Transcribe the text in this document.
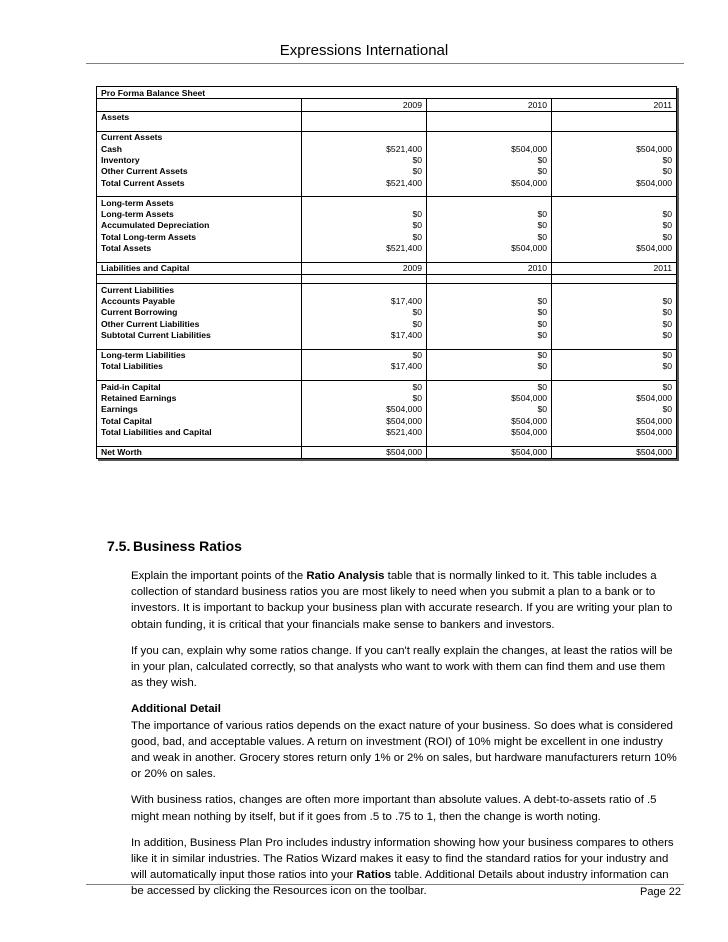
Expressions International
Pro Forma Balance Sheet			
	2009	2010	2011
Assets			

Current Assets			
Cash	$521,400	$504,000	$504,000
Inventory	$0	$0	$0
Other Current Assets	$0	$0	$0
Total Current Assets	$521,400	$504,000	$504,000

Long-term Assets			
Long-term Assets	$0	$0	$0
Accumulated Depreciation	$0	$0	$0
Total Long-term Assets	$0	$0	$0
Total Assets	$521,400	$504,000	$504,000

Liabilities and Capital	2009	2010	2011

Current Liabilities			
Accounts Payable	$17,400	$0	$0
Current Borrowing	$0	$0	$0
Other Current Liabilities	$0	$0	$0
Subtotal Current Liabilities	$17,400	$0	$0

Long-term Liabilities	$0	$0	$0
Total Liabilities	$17,400	$0	$0

Paid-in Capital	$0	$0	$0
Retained Earnings	$0	$504,000	$504,000
Earnings	$504,000	$0	$0
Total Capital	$504,000	$504,000	$504,000
Total Liabilities and Capital	$521,400	$504,000	$504,000

Net Worth	$504,000	$504,000	$504,000
7.5. Business Ratios

Explain the important points of the Ratio Analysis table that is normally linked to it. This table includes a collection of standard business ratios you are most likely to need when you submit a plan to a bank or to investors. It is important to backup your business plan with accurate research. If you are writing your plan to obtain funding, it is critical that your financials make sense to bankers and investors.

If you can, explain why some ratios change. If you can't really explain the changes, at least the ratios will be in your plan, calculated correctly, so that analysts who want to work with them can find them and use them as they wish.

Additional Detail
The importance of various ratios depends on the exact nature of your business. So does what is considered good, bad, and acceptable values. A return on investment (ROI) of 10% might be excellent in one industry and weak in another. Grocery stores return only 1% or 2% on sales, but hardware manufacturers return 10% or 20% on sales.

With business ratios, changes are often more important than absolute values. A debt-to-assets ratio of .5 might mean nothing by itself, but if it goes from .5 to .75 to 1, then the change is worth noting.

In addition, Business Plan Pro includes industry information showing how your business compares to others like it in similar industries. The Ratios Wizard makes it easy to find the standard ratios for your industry and will automatically input those ratios into your Ratios table. Additional Details about industry information can be accessed by clicking the Resources icon on the toolbar.	Page 22
